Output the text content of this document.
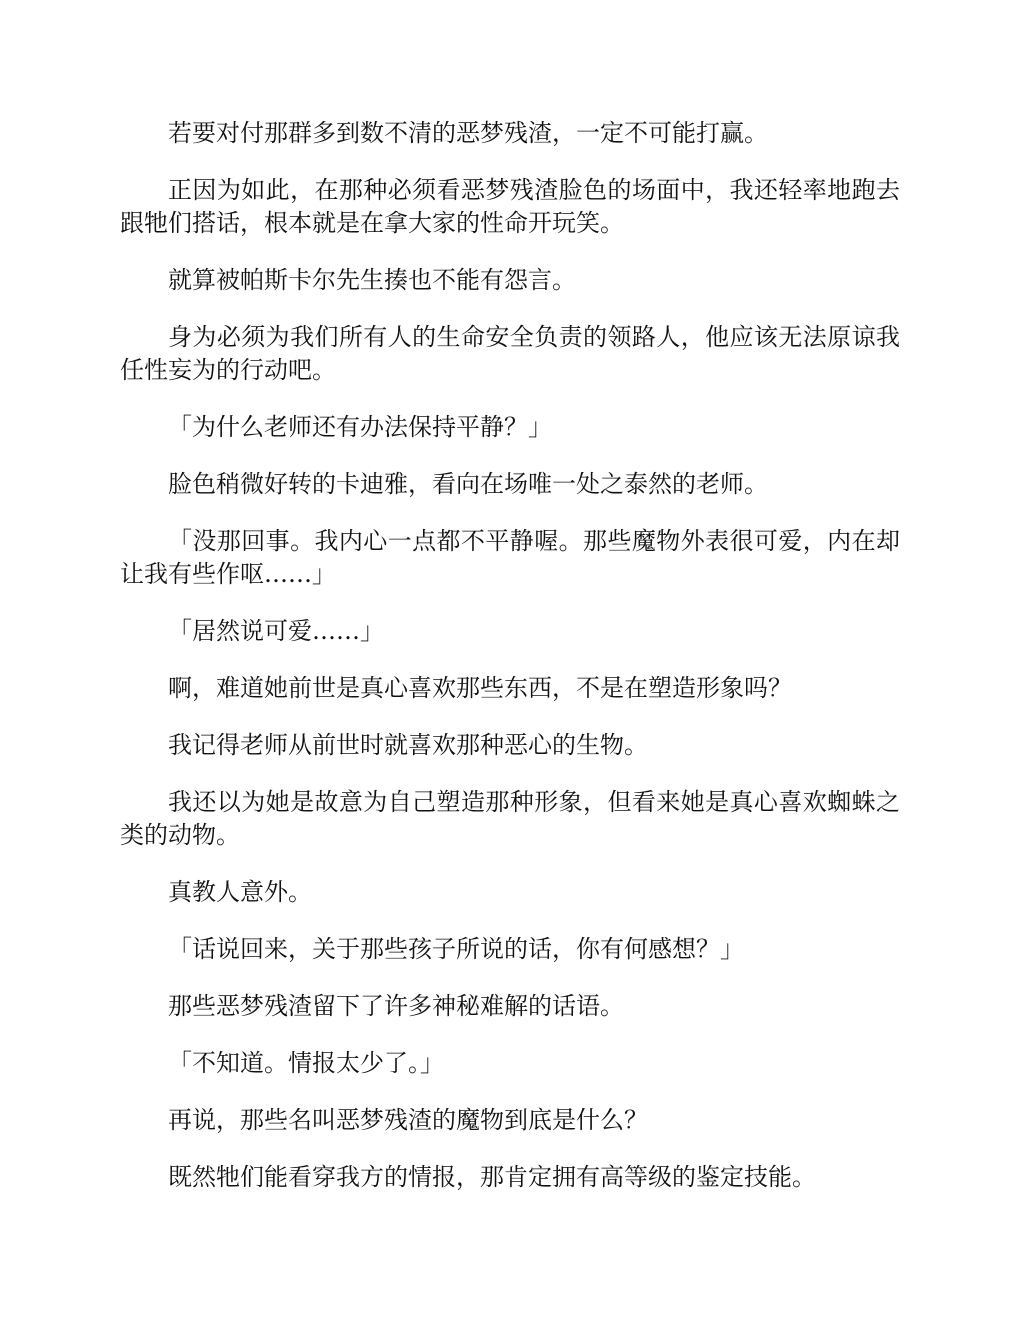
若要对付那群多到数不清的恶梦残渣，一定不可能打赢。

正因为如此，在那种必须看恶梦残渣脸色的场面中，我还轻率地跑去跟牠们搭话，根本就是在拿大家的性命开玩笑。

就算被帕斯卡尔先生揍也不能有怨言。

身为必须为我们所有人的生命安全负责的领路人，他应该无法原谅我任性妄为的行动吧。

「为什么老师还有办法保持平静？」

脸色稍微好转的卡迪雅，看向在场唯一处之泰然的老师。

「没那回事。我内心一点都不平静喔。那些魔物外表很可爱，内在却让我有些作呕……」

「居然说可爱……」

啊，难道她前世是真心喜欢那些东西，不是在塑造形象吗？

我记得老师从前世时就喜欢那种恶心的生物。

我还以为她是故意为自己塑造那种形象，但看来她是真心喜欢蜘蛛之类的动物。

真教人意外。

「话说回来，关于那些孩子所说的话，你有何感想？」

那些恶梦残渣留下了许多神秘难解的话语。

「不知道。情报太少了。」

再说，那些名叫恶梦残渣的魔物到底是什么？

既然牠们能看穿我方的情报，那肯定拥有高等级的鉴定技能。
